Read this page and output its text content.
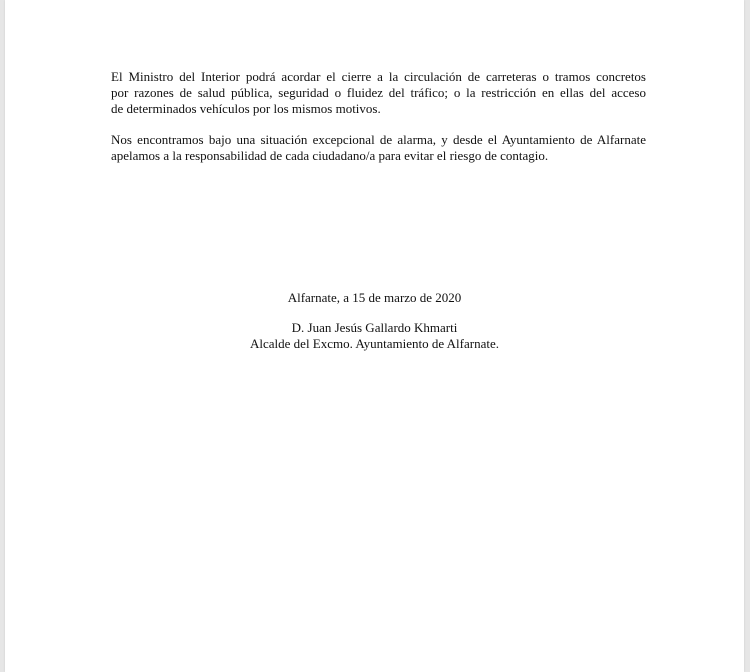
El Ministro del Interior podrá acordar el cierre a la circulación de carreteras o tramos concretos
por razones de salud pública, seguridad o fluidez del tráfico; o la restricción en ellas del acceso
de determinados vehículos por los mismos motivos.

Nos encontramos bajo una situación excepcional de alarma, y desde el Ayuntamiento de Alfarnate
apelamos a la responsabilidad de cada ciudadano/a para evitar el riesgo de contagio.

Alfarnate, a 15 de marzo de 2020
D. Juan Jesús Gallardo Khmarti
Alcalde del Excmo. Ayuntamiento de Alfarnate.
